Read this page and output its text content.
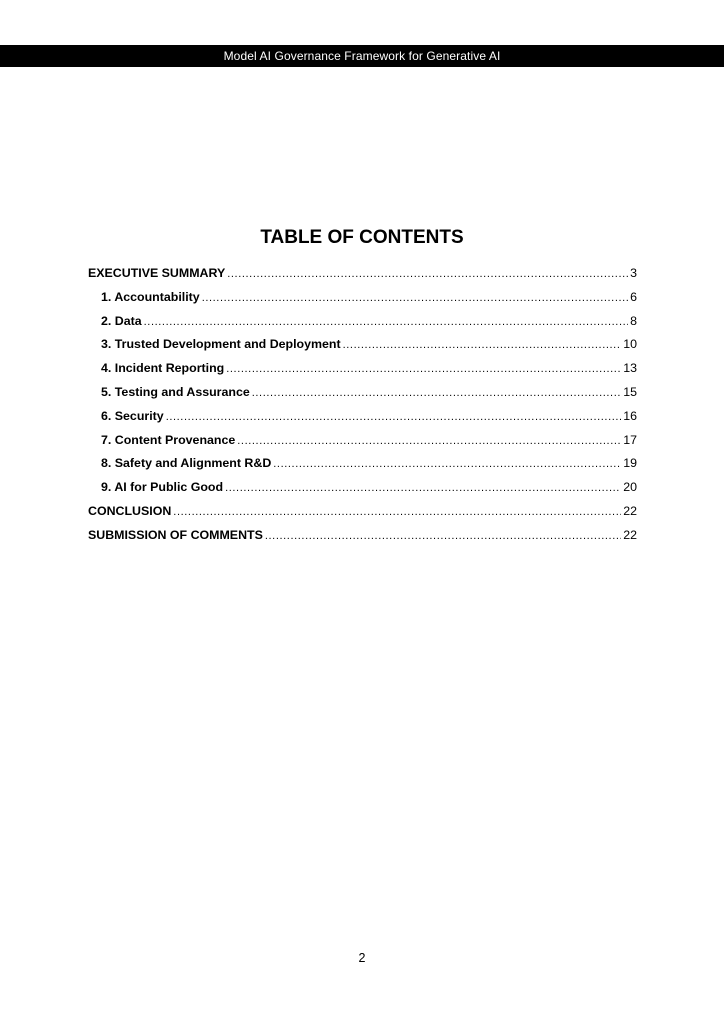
Model AI Governance Framework for Generative AI
TABLE OF CONTENTS
EXECUTIVE SUMMARY .....	3
1. Accountability .....	6
2. Data .....	8
3. Trusted Development and Deployment .....	10
4. Incident Reporting .....	13
5. Testing and Assurance .....	15
6. Security .....	16
7. Content Provenance .....	17
8. Safety and Alignment R&D .....	19
9. AI for Public Good .....	20
CONCLUSION .....	22
SUBMISSION OF COMMENTS .....	22
2
